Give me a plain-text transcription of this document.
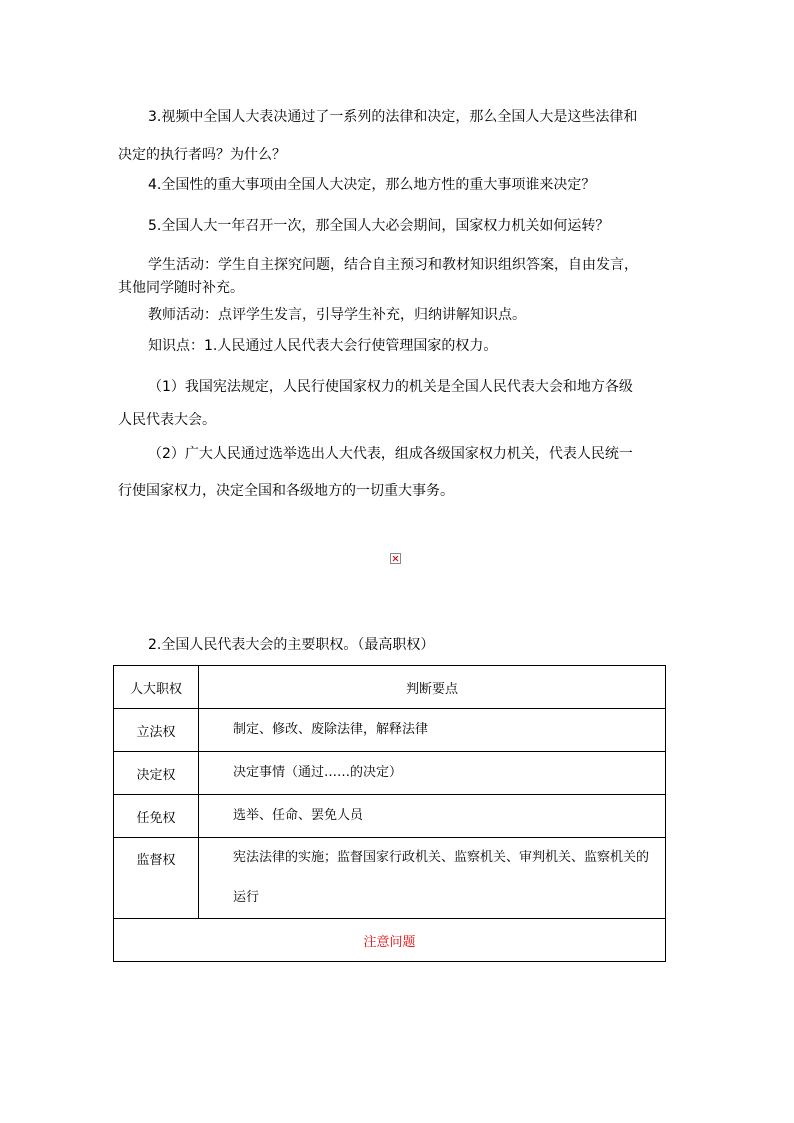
3.视频中全国人大表决通过了一系列的法律和决定，那么全国人大是这些法律和
决定的执行者吗？为什么？
4.全国性的重大事项由全国人大决定，那么地方性的重大事项谁来决定？
5.全国人大一年召开一次，那全国人大必会期间，国家权力机关如何运转？
学生活动：学生自主探究问题，结合自主预习和教材知识组织答案，自由发言，
其他同学随时补充。
教师活动：点评学生发言，引导学生补充，归纳讲解知识点。
知识点：1.人民通过人民代表大会行使管理国家的权力。
（1）我国宪法规定，人民行使国家权力的机关是全国人民代表大会和地方各级
人民代表大会。
（2）广大人民通过选举选出人大代表，组成各级国家权力机关，代表人民统一
行使国家权力，决定全国和各级地方的一切重大事务。
2.全国人民代表大会的主要职权。（最高职权）
人大职权	判断要点
立法权	制定、修改、废除法律，解释法律

决定权	决定事情（通过……的决定）

任免权	选举、任命、罢免人员

监督权	宪法法律的实施；监督国家行政机关、监察机关、审判机关、监察机关的运行

注意问题	
